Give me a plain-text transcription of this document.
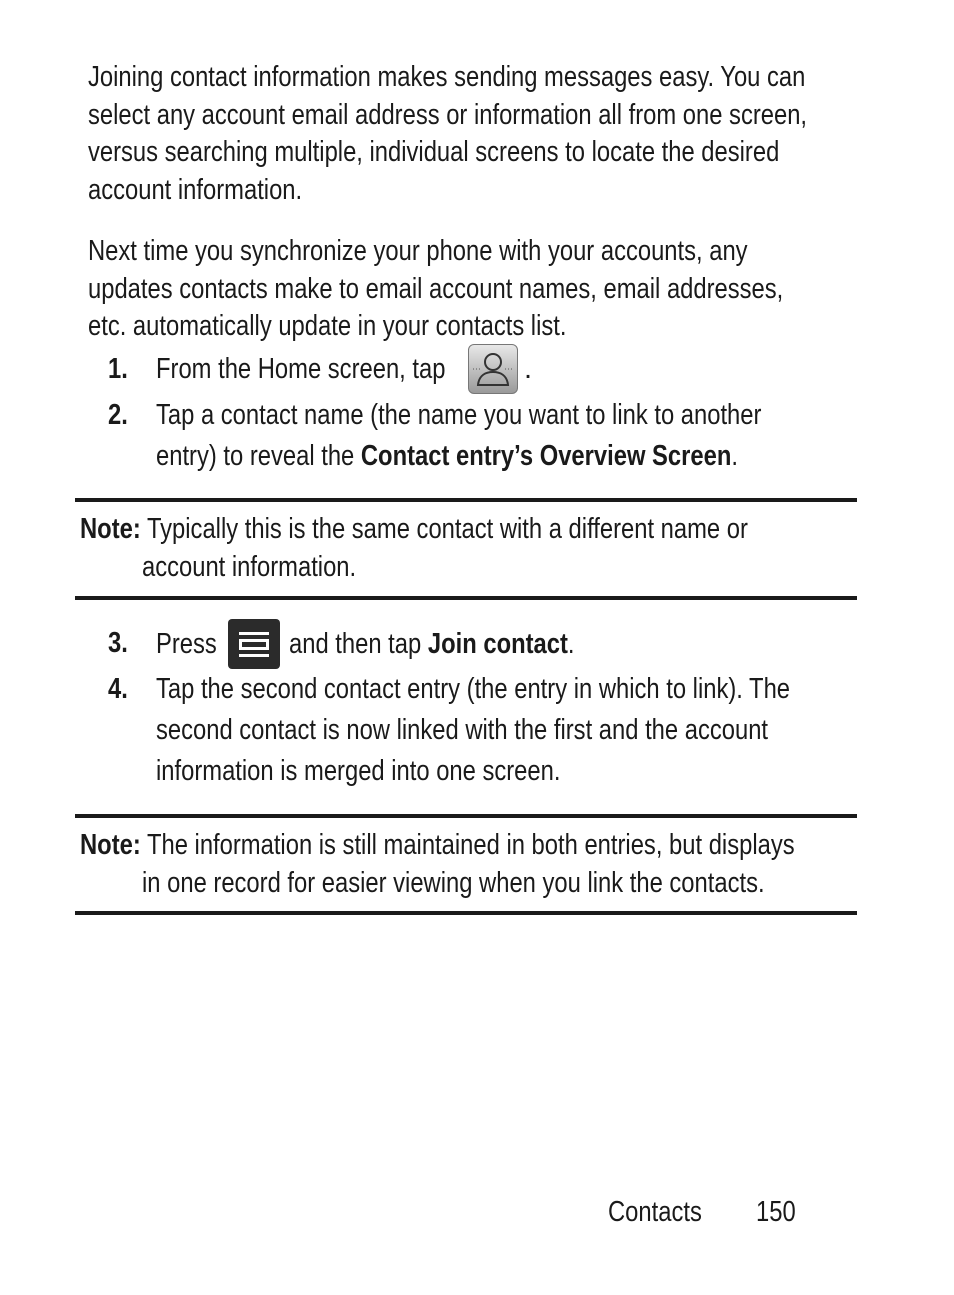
Joining contact information makes sending messages easy. You can
select any account email address or information all from one screen,
versus searching multiple, individual screens to locate the desired
account information.
Next time you synchronize your phone with your accounts, any
updates contacts make to email account names, email addresses,
etc. automatically update in your contacts list.
1. From the Home screen, tap	.
2. Tap a contact name (the name you want to link to another
entry) to reveal the Contact entry’s Overview Screen.
Note: Typically this is the same contact with a different name or
account information.
3. Press and then tap Join contact.
4. Tap the second contact entry (the entry in which to link). The
second contact is now linked with the first and the account
information is merged into one screen.
Note: The information is still maintained in both entries, but displays
in one record for easier viewing when you link the contacts.
Contacts	150
